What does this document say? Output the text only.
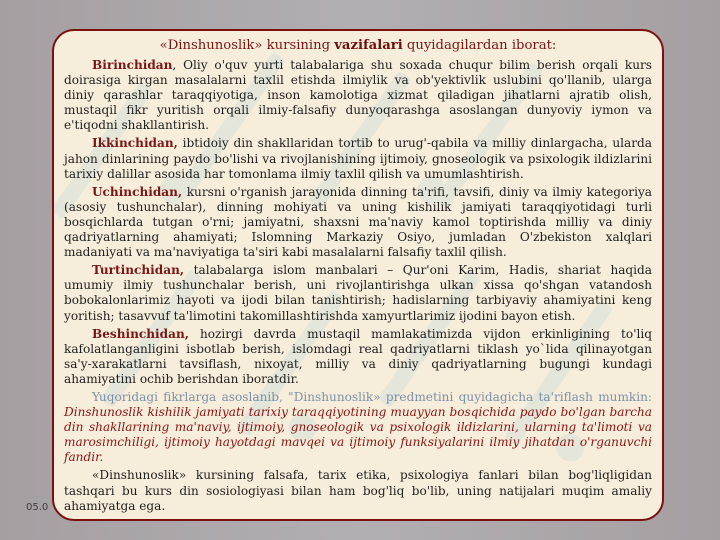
05.0
«Dinshunoslik» kursining vazifalari quyidagilardan iborat:

Birinchidan, Oliy o'quv yurti talabalariga shu soxada chuqur bilim berish orqali kurs doirasiga kirgan masalalarni taxlil etishda ilmiylik va ob'yektivlik uslubini qo'llanib, ularga diniy qarashlar taraqqiyotiga, inson kamolotiga xizmat qiladigan jihatlarni ajratib olish, mustaqil fikr yuritish orqali ilmiy-falsafiy dunyoqarashga asoslangan dunyoviy iymon va e'tiqodni shakllantirish.

Ikkinchidan, ibtidoiy din shakllaridan tortib to urug'-qabila va milliy dinlargacha, ularda jahon dinlarining paydo bo'lishi va rivojlanishining ijtimoiy, gnoseologik va psixologik ildizlarini tarixiy dalillar asosida har tomonlama ilmiy taxlil qilish va umumlashtirish.

Uchinchidan, kursni o'rganish jarayonida dinning ta'rifi, tavsifi, diniy va ilmiy kategoriya (asosiy tushunchalar), dinning mohiyati va uning kishilik jamiyati taraqqiyotidagi turli bosqichlarda tutgan o'rni; jamiyatni, shaxsni ma'naviy kamol toptirishda milliy va diniy qadriyatlarning ahamiyati; Islomning Markaziy Osiyo, jumladan O'zbekiston xalqlari madaniyati va ma'naviyatiga ta'siri kabi masalalarni falsafiy taxlil qilish.

Turtinchidan, talabalarga islom manbalari – Qur'oni Karim, Hadis, shariat haqida umumiy ilmiy tushunchalar berish, uni rivojlantirishga ulkan xissa qo'shgan vatandosh bobokalonlarimiz hayoti va ijodi bilan tanishtirish; hadislarning tarbiyaviy ahamiyatini keng yoritish; tasavvuf ta'limotini takomillashtirishda xamyurtlarimiz ijodini bayon etish.

Beshinchidan, hozirgi davrda mustaqil mamlakatimizda vijdon erkinligining to'liq kafolatlanganligini isbotlab berish, islomdagi real qadriyatlarni tiklash yo`lida qilinayotgan sa'y-xarakatlarni tavsiflash, nixoyat, milliy va diniy qadriyatlarning bugungi kundagi ahamiyatini ochib berishdan iboratdir.

Yuqoridagi fikrlarga asoslanib, "Dinshunoslik» predmetini quyidagicha ta'riflash mumkin: Dinshunoslik kishilik jamiyati tarixiy taraqqiyotining muayyan bosqichida paydo bo'lgan barcha din shakllarining ma'naviy, ijtimoiy, gnoseologik va psixologik ildizlarini, ularning ta'limoti va marosimchiligi, ijtimoiy hayotdagi mavqei va ijtimoiy funksiyalarini ilmiy jihatdan o'rganuvchi fandir.

«Dinshunoslik» kursining falsafa, tarix etika, psixologiya fanlari bilan bog'liqligidan tashqari bu kurs din sosiologiyasi bilan ham bog'liq bo'lib, uning natijalari muqim amaliy ahamiyatga ega.
